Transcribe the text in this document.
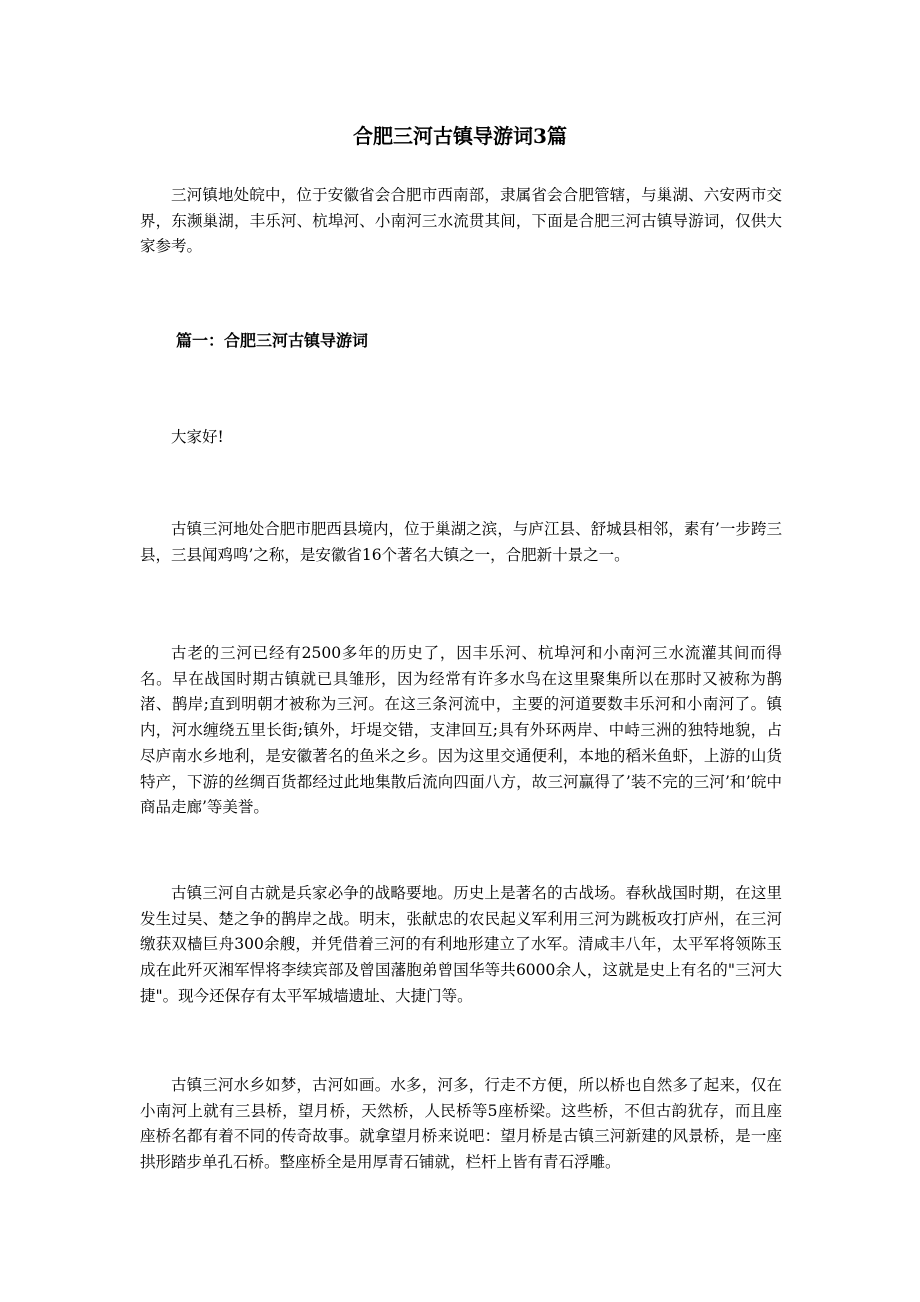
合肥三河古镇导游词3篇

三河镇地处皖中，位于安徽省会合肥市西南部，隶属省会合肥管辖，与巢湖、六安两市交界，东濒巢湖，丰乐河、杭埠河、小南河三水流贯其间，下面是合肥三河古镇导游词，仅供大家参考。

篇一：合肥三河古镇导游词

大家好!

古镇三河地处合肥市肥西县境内，位于巢湖之滨，与庐江县、舒城县相邻，素有’一步跨三县，三县闻鸡鸣’之称，是安徽省16个著名大镇之一，合肥新十景之一。

古老的三河已经有2500多年的历史了，因丰乐河、杭埠河和小南河三水流灌其间而得名。早在战国时期古镇就已具雏形，因为经常有许多水鸟在这里聚集所以在那时又被称为鹊渚、鹊岸;直到明朝才被称为三河。在这三条河流中，主要的河道要数丰乐河和小南河了。镇内，河水缠绕五里长街;镇外，圩堤交错，支津回互;具有外环两岸、中峙三洲的独特地貌，占尽庐南水乡地利，是安徽著名的鱼米之乡。因为这里交通便利，本地的稻米鱼虾，上游的山货特产，下游的丝绸百货都经过此地集散后流向四面八方，故三河赢得了’装不完的三河’和’皖中商品走廊’等美誉。

古镇三河自古就是兵家必争的战略要地。历史上是著名的古战场。春秋战国时期，在这里发生过吴、楚之争的鹊岸之战。明末，张献忠的农民起义军利用三河为跳板攻打庐州，在三河缴获双樯巨舟300余艘，并凭借着三河的有利地形建立了水军。清咸丰八年，太平军将领陈玉成在此歼灭湘军悍将李续宾部及曾国藩胞弟曾国华等共6000余人，这就是史上有名的"三河大捷"。现今还保存有太平军城墙遗址、大捷门等。

古镇三河水乡如梦，古河如画。水多，河多，行走不方便，所以桥也自然多了起来，仅在小南河上就有三县桥，望月桥，天然桥，人民桥等5座桥梁。这些桥，不但古韵犹存，而且座座桥名都有着不同的传奇故事。就拿望月桥来说吧：望月桥是古镇三河新建的风景桥，是一座拱形踏步单孔石桥。整座桥全是用厚青石铺就，栏杆上皆有青石浮雕。
